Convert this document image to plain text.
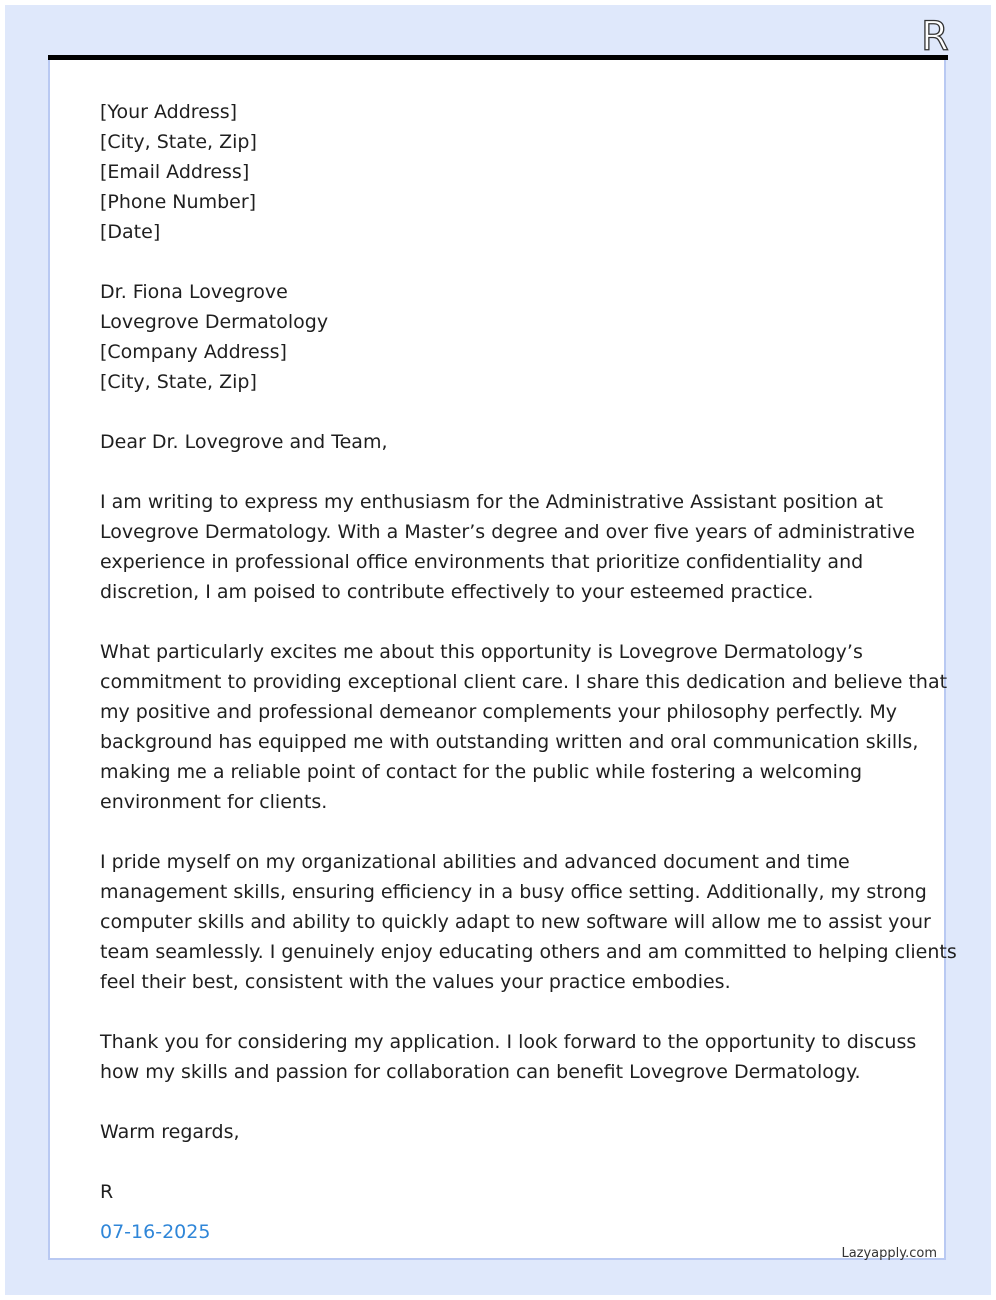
R
[Your Address]
[City, State, Zip]
[Email Address]
[Phone Number]
[Date]
Dr. Fiona Lovegrove
Lovegrove Dermatology
[Company Address]
[City, State, Zip]
Dear Dr. Lovegrove and Team,
I am writing to express my enthusiasm for the Administrative Assistant position at
Lovegrove Dermatology. With a Master’s degree and over five years of administrative
experience in professional office environments that prioritize confidentiality and
discretion, I am poised to contribute effectively to your esteemed practice.
What particularly excites me about this opportunity is Lovegrove Dermatology’s
commitment to providing exceptional client care. I share this dedication and believe that
my positive and professional demeanor complements your philosophy perfectly. My
background has equipped me with outstanding written and oral communication skills,
making me a reliable point of contact for the public while fostering a welcoming
environment for clients.
I pride myself on my organizational abilities and advanced document and time
management skills, ensuring efficiency in a busy office setting. Additionally, my strong
computer skills and ability to quickly adapt to new software will allow me to assist your
team seamlessly. I genuinely enjoy educating others and am committed to helping clients
feel their best, consistent with the values your practice embodies.
Thank you for considering my application. I look forward to the opportunity to discuss
how my skills and passion for collaboration can benefit Lovegrove Dermatology.
Warm regards,
R
07-16-2025
Lazyapply.com
